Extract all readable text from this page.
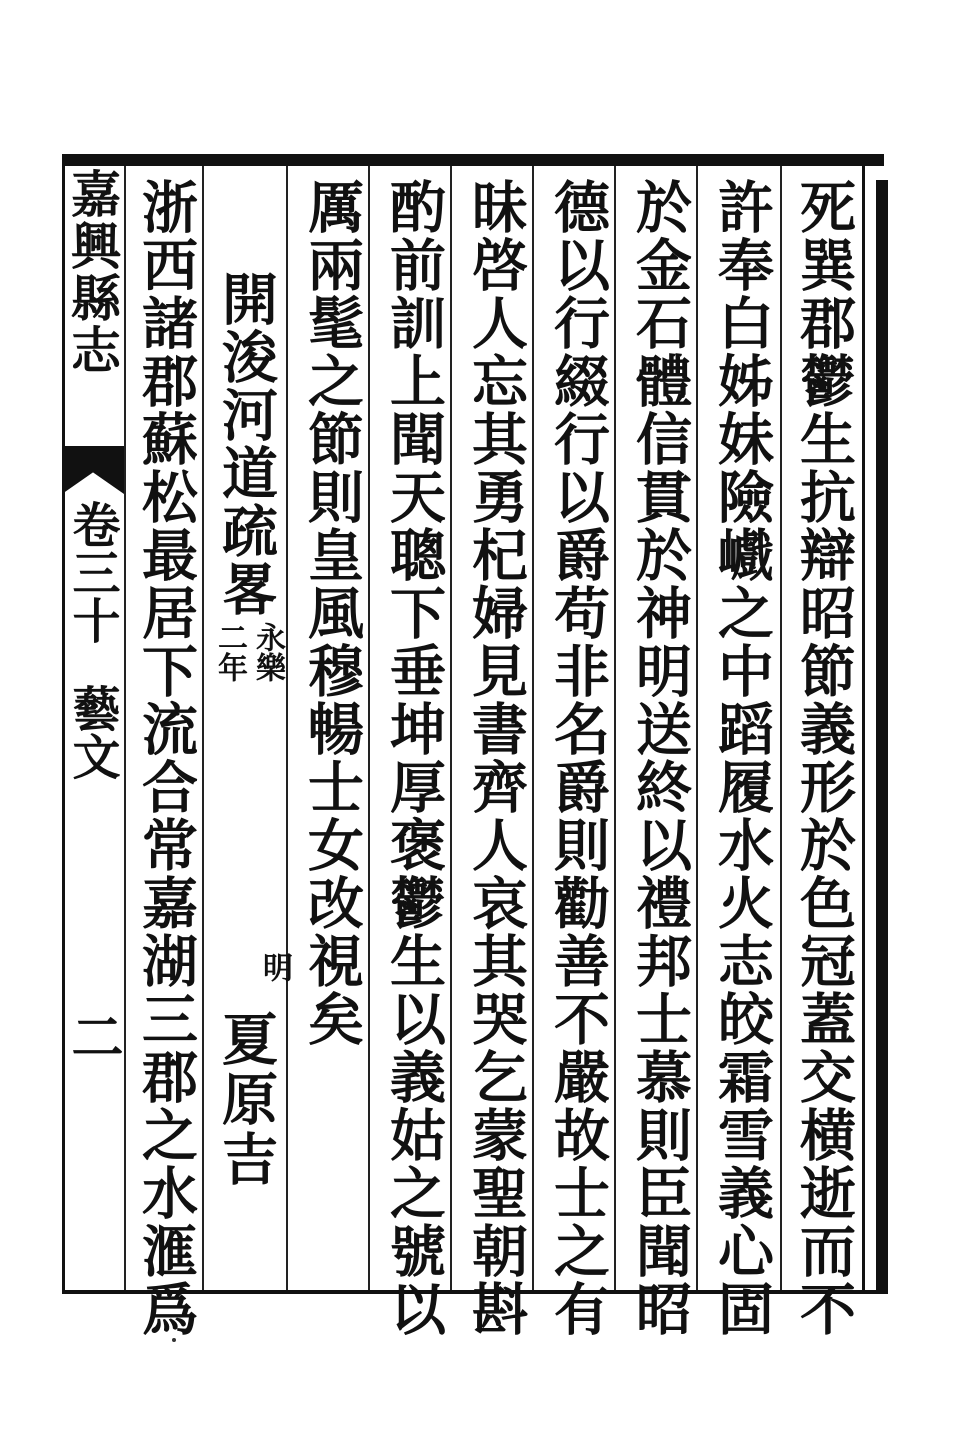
嘉興縣志
卷三十
藝文
二	死巽郡鬱生抗辯昭節義形於色冠蓋交横逝而不
許奉白姊妹險巇之中蹈履水火志皎霜雪義心固
於金石體信貫於神明送終以禮邦士慕則臣聞昭
德以行綴行以爵苟非名爵則勸善不嚴故士之有
昧啓人忘其勇杞婦見書齊人哀其哭乞蒙聖朝斟
酌前訓上聞天聰下垂坤厚褒鬱生以義姑之號以
厲兩髦之節則皇風穆暢士女改視矣
開浚河道疏畧
永樂
二年
明
夏原吉
浙西諸郡蘇松最居下流合常嘉湖三郡之水滙爲
